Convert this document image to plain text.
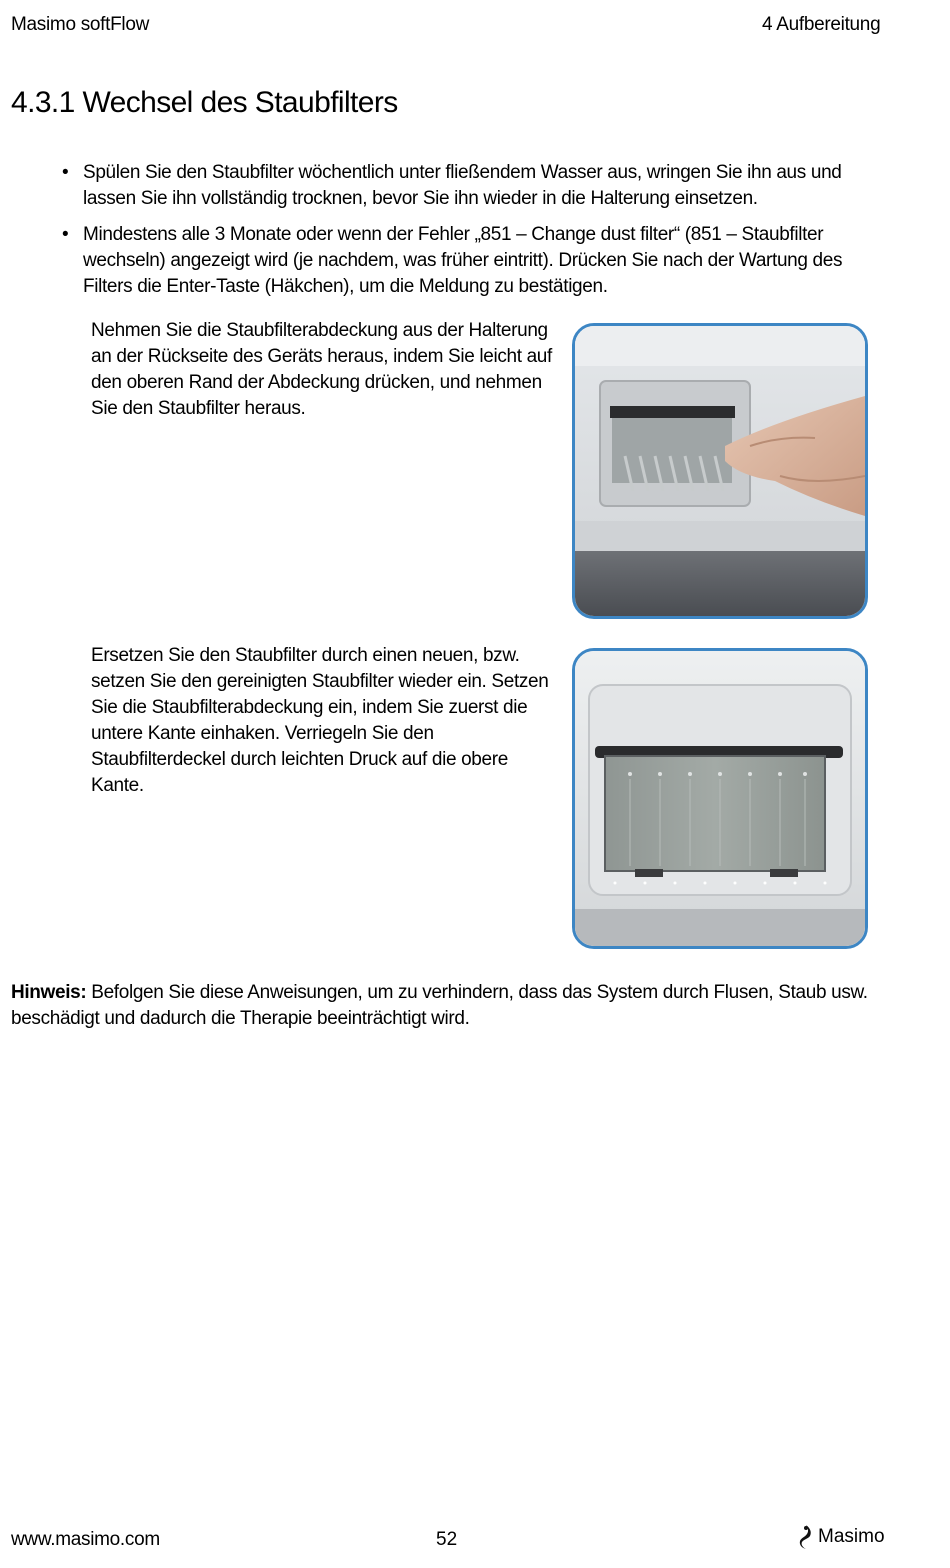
Masimo softFlow	4 Aufbereitung
4.3.1 Wechsel des Staubfilters
• Spülen Sie den Staubfilter wöchentlich unter fließendem Wasser aus, wringen Sie ihn aus und lassen Sie ihn vollständig trocknen, bevor Sie ihn wieder in die Halterung einsetzen.
• Mindestens alle 3 Monate oder wenn der Fehler „851 – Change dust filter“ (851 – Staubfilter wechseln) angezeigt wird (je nachdem, was früher eintritt). Drücken Sie nach der Wartung des Filters die Enter-Taste (Häkchen), um die Meldung zu bestätigen.

Nehmen Sie die Staubfilterabdeckung aus der Halterung an der Rückseite des Geräts heraus, indem Sie leicht auf den oberen Rand der Abdeckung drücken, und nehmen Sie den Staubfilter heraus.

Ersetzen Sie den Staubfilter durch einen neuen, bzw. setzen Sie den gereinigten Staubfilter wieder ein. Setzen Sie die Staubfilterabdeckung ein, indem Sie zuerst die untere Kante einhaken. Verriegeln Sie den Staubfilterdeckel durch leichten Druck auf die obere Kante.

Hinweis: Befolgen Sie diese Anweisungen, um zu verhindern, dass das System durch Flusen, Staub usw. beschädigt und dadurch die Therapie beeinträchtigt wird.

www.masimo.com	52	Masimo
